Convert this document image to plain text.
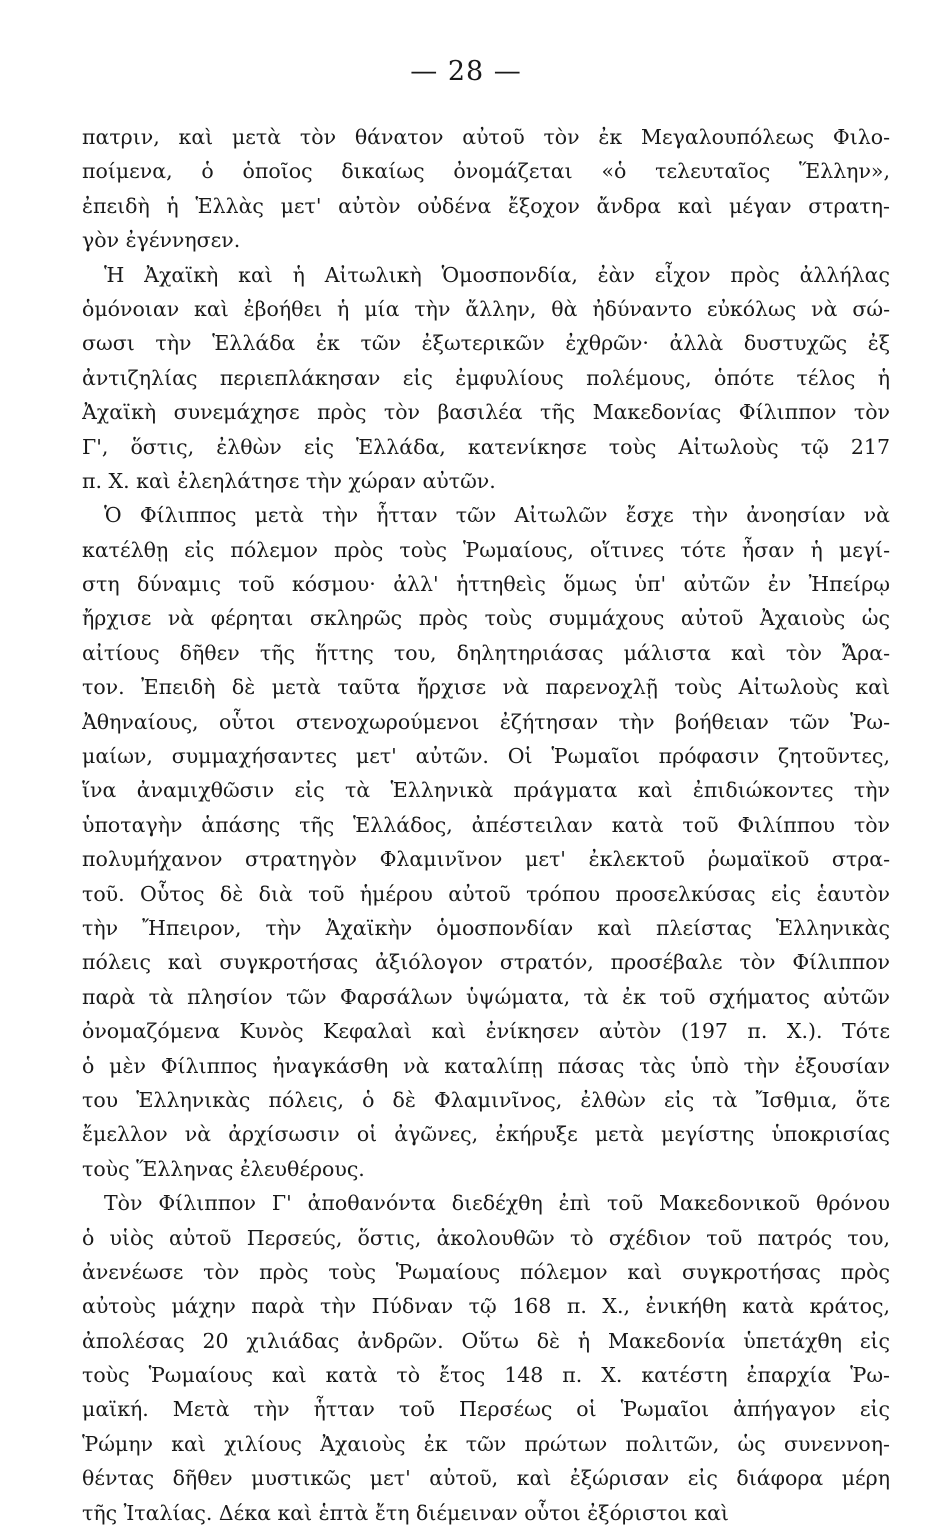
— 28 —
πατριν, καὶ μετὰ τὸν θάνατον αὐτοῦ τὸν ἐκ Μεγαλουπόλεως Φιλο-
ποίμενα, ὁ ὁποῖος δικαίως ὀνομάζεται «ὁ τελευταῖος Ἕλλην»,
ἐπειδὴ ἡ Ἑλλὰς μετ' αὐτὸν οὐδένα ἔξοχον ἄνδρα καὶ μέγαν στρατη-
γὸν ἐγέννησεν.
Ἡ Ἀχαϊκὴ καὶ ἡ Αἰτωλικὴ Ὁμοσπονδία, ἐὰν εἶχον πρὸς ἀλλήλας
ὁμόνοιαν καὶ ἐβοήθει ἡ μία τὴν ἄλλην, θὰ ἠδύναντο εὐκόλως νὰ σώ-
σωσι τὴν Ἑλλάδα ἐκ τῶν ἐξωτερικῶν ἐχθρῶν· ἀλλὰ δυστυχῶς ἐξ
ἀντιζηλίας περιεπλάκησαν εἰς ἐμφυλίους πολέμους, ὁπότε τέλος ἡ
Ἀχαϊκὴ συνεμάχησε πρὸς τὸν βασιλέα τῆς Μακεδονίας Φίλιππον τὸν
Γ', ὅστις, ἐλθὼν εἰς Ἑλλάδα, κατενίκησε τοὺς Αἰτωλοὺς τῷ 217
π. Χ. καὶ ἐλεηλάτησε τὴν χώραν αὐτῶν.
Ὁ Φίλιππος μετὰ τὴν ἧτταν τῶν Αἰτωλῶν ἔσχε τὴν ἀνοησίαν νὰ
κατέλθῃ εἰς πόλεμον πρὸς τοὺς Ῥωμαίους, οἵτινες τότε ἦσαν ἡ μεγί-
στη δύναμις τοῦ κόσμου· ἀλλ' ἡττηθεὶς ὅμως ὑπ' αὐτῶν ἐν Ἠπείρῳ
ἤρχισε νὰ φέρηται σκληρῶς πρὸς τοὺς συμμάχους αὐτοῦ Ἀχαιοὺς ὡς
αἰτίους δῆθεν τῆς ἥττης του, δηλητηριάσας μάλιστα καὶ τὸν Ἄρα-
τον. Ἐπειδὴ δὲ μετὰ ταῦτα ἤρχισε νὰ παρενοχλῇ τοὺς Αἰτωλοὺς καὶ
Ἀθηναίους, οὗτοι στενοχωρούμενοι ἐζήτησαν τὴν βοήθειαν τῶν Ῥω-
μαίων, συμμαχήσαντες μετ' αὐτῶν. Οἱ Ῥωμαῖοι πρόφασιν ζητοῦντες,
ἵνα ἀναμιχθῶσιν εἰς τὰ Ἑλληνικὰ πράγματα καὶ ἐπιδιώκοντες τὴν
ὑποταγὴν ἁπάσης τῆς Ἑλλάδος, ἀπέστειλαν κατὰ τοῦ Φιλίππου τὸν
πολυμήχανον στρατηγὸν Φλαμινῖνον μετ' ἐκλεκτοῦ ῥωμαϊκοῦ στρα-
τοῦ. Οὗτος δὲ διὰ τοῦ ἡμέρου αὐτοῦ τρόπου προσελκύσας εἰς ἑαυτὸν
τὴν Ἤπειρον, τὴν Ἀχαϊκὴν ὁμοσπονδίαν καὶ πλείστας Ἑλληνικὰς
πόλεις καὶ συγκροτήσας ἀξιόλογον στρατόν, προσέβαλε τὸν Φίλιππον
παρὰ τὰ πλησίον τῶν Φαρσάλων ὑψώματα, τὰ ἐκ τοῦ σχήματος αὐτῶν
ὀνομαζόμενα Κυνὸς Κεφαλαὶ καὶ ἐνίκησεν αὐτὸν (197 π. Χ.). Τότε
ὁ μὲν Φίλιππος ἠναγκάσθη νὰ καταλίπῃ πάσας τὰς ὑπὸ τὴν ἐξουσίαν
του Ἑλληνικὰς πόλεις, ὁ δὲ Φλαμινῖνος, ἐλθὼν εἰς τὰ Ἴσθμια, ὅτε
ἔμελλον νὰ ἀρχίσωσιν οἱ ἀγῶνες, ἐκήρυξε μετὰ μεγίστης ὑποκρισίας
τοὺς Ἕλληνας ἐλευθέρους.
Τὸν Φίλιππον Γ' ἀποθανόντα διεδέχθη ἐπὶ τοῦ Μακεδονικοῦ θρόνου
ὁ υἱὸς αὐτοῦ Περσεύς, ὅστις, ἀκολουθῶν τὸ σχέδιον τοῦ πατρός του,
ἀνενέωσε τὸν πρὸς τοὺς Ῥωμαίους πόλεμον καὶ συγκροτήσας πρὸς
αὐτοὺς μάχην παρὰ τὴν Πύδναν τῷ 168 π. Χ., ἐνικήθη κατὰ κράτος,
ἀπολέσας 20 χιλιάδας ἀνδρῶν. Οὕτω δὲ ἡ Μακεδονία ὑπετάχθη εἰς
τοὺς Ῥωμαίους καὶ κατὰ τὸ ἔτος 148 π. Χ. κατέστη ἐπαρχία Ῥω-
μαϊκή. Μετὰ τὴν ἧτταν τοῦ Περσέως οἱ Ῥωμαῖοι ἀπήγαγον εἰς
Ῥώμην καὶ χιλίους Ἀχαιοὺς ἐκ τῶν πρώτων πολιτῶν, ὡς συνεννοη-
θέντας δῆθεν μυστικῶς μετ' αὐτοῦ, καὶ ἐξώρισαν εἰς διάφορα μέρη
τῆς Ἰταλίας. Δέκα καὶ ἑπτὰ ἔτη διέμειναν οὗτοι ἐξόριστοι καὶ
